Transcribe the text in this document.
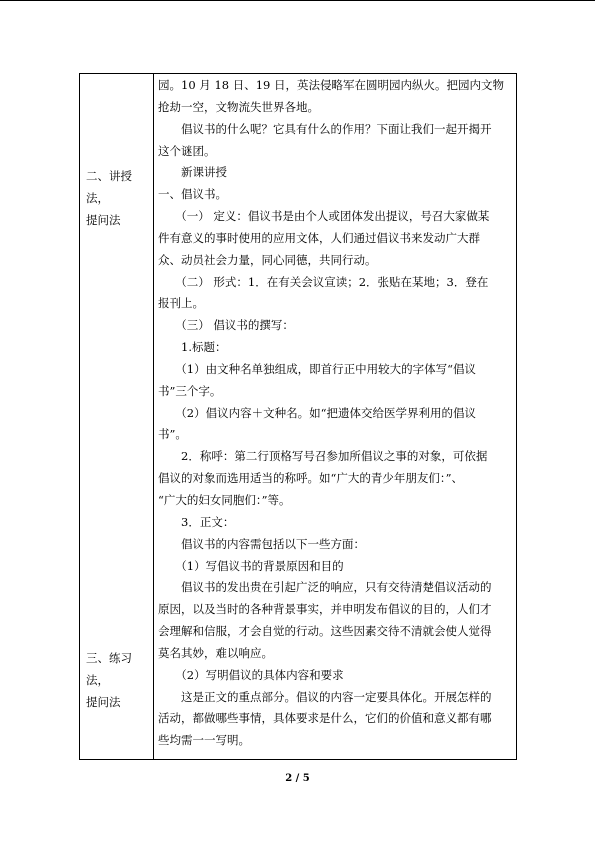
二、讲授
法，
提问法
三、练习
法，
提问法
园。10 月 18 日、19 日，英法侵略军在圆明园内纵火。把园内文物
抢劫一空，文物流失世界各地。
　　倡议书的什么呢？它具有什么的作用？下面让我们一起开揭开
这个谜团。
　　新课讲授
一、倡议书。
　　（一） 定义：倡议书是由个人或团体发出提议，号召大家做某
件有意义的事时使用的应用文体，人们通过倡议书来发动广大群
众、动员社会力量，同心同德，共同行动。
　　（二） 形式：1．在有关会议宣读；2．张贴在某地；3．登在
报刊上。
　　（三） 倡议书的撰写：
　　1.标题：
　　（1）由文种名单独组成，即首行正中用较大的字体写“倡议
书”三个字。
　　（2）倡议内容＋文种名。如“把遗体交给医学界利用的倡议
书”。
　　2．称呼：第二行顶格写号召参加所倡议之事的对象，可依据
倡议的对象而选用适当的称呼。如“广大的青少年朋友们：”、
“广大的妇女同胞们：”等。
　　3．正文：
　　倡议书的内容需包括以下一些方面：
　　（1）写倡议书的背景原因和目的
　　倡议书的发出贵在引起广泛的响应，只有交待清楚倡议活动的
原因，以及当时的各种背景事实，并申明发布倡议的目的，人们才
会理解和信服，才会自觉的行动。这些因素交待不清就会使人觉得
莫名其妙，难以响应。
　　（2）写明倡议的具体内容和要求
　　这是正文的重点部分。倡议的内容一定要具体化。开展怎样的
活动，都做哪些事情，具体要求是什么，它们的价值和意义都有哪
些均需一一写明。
2 / 5
